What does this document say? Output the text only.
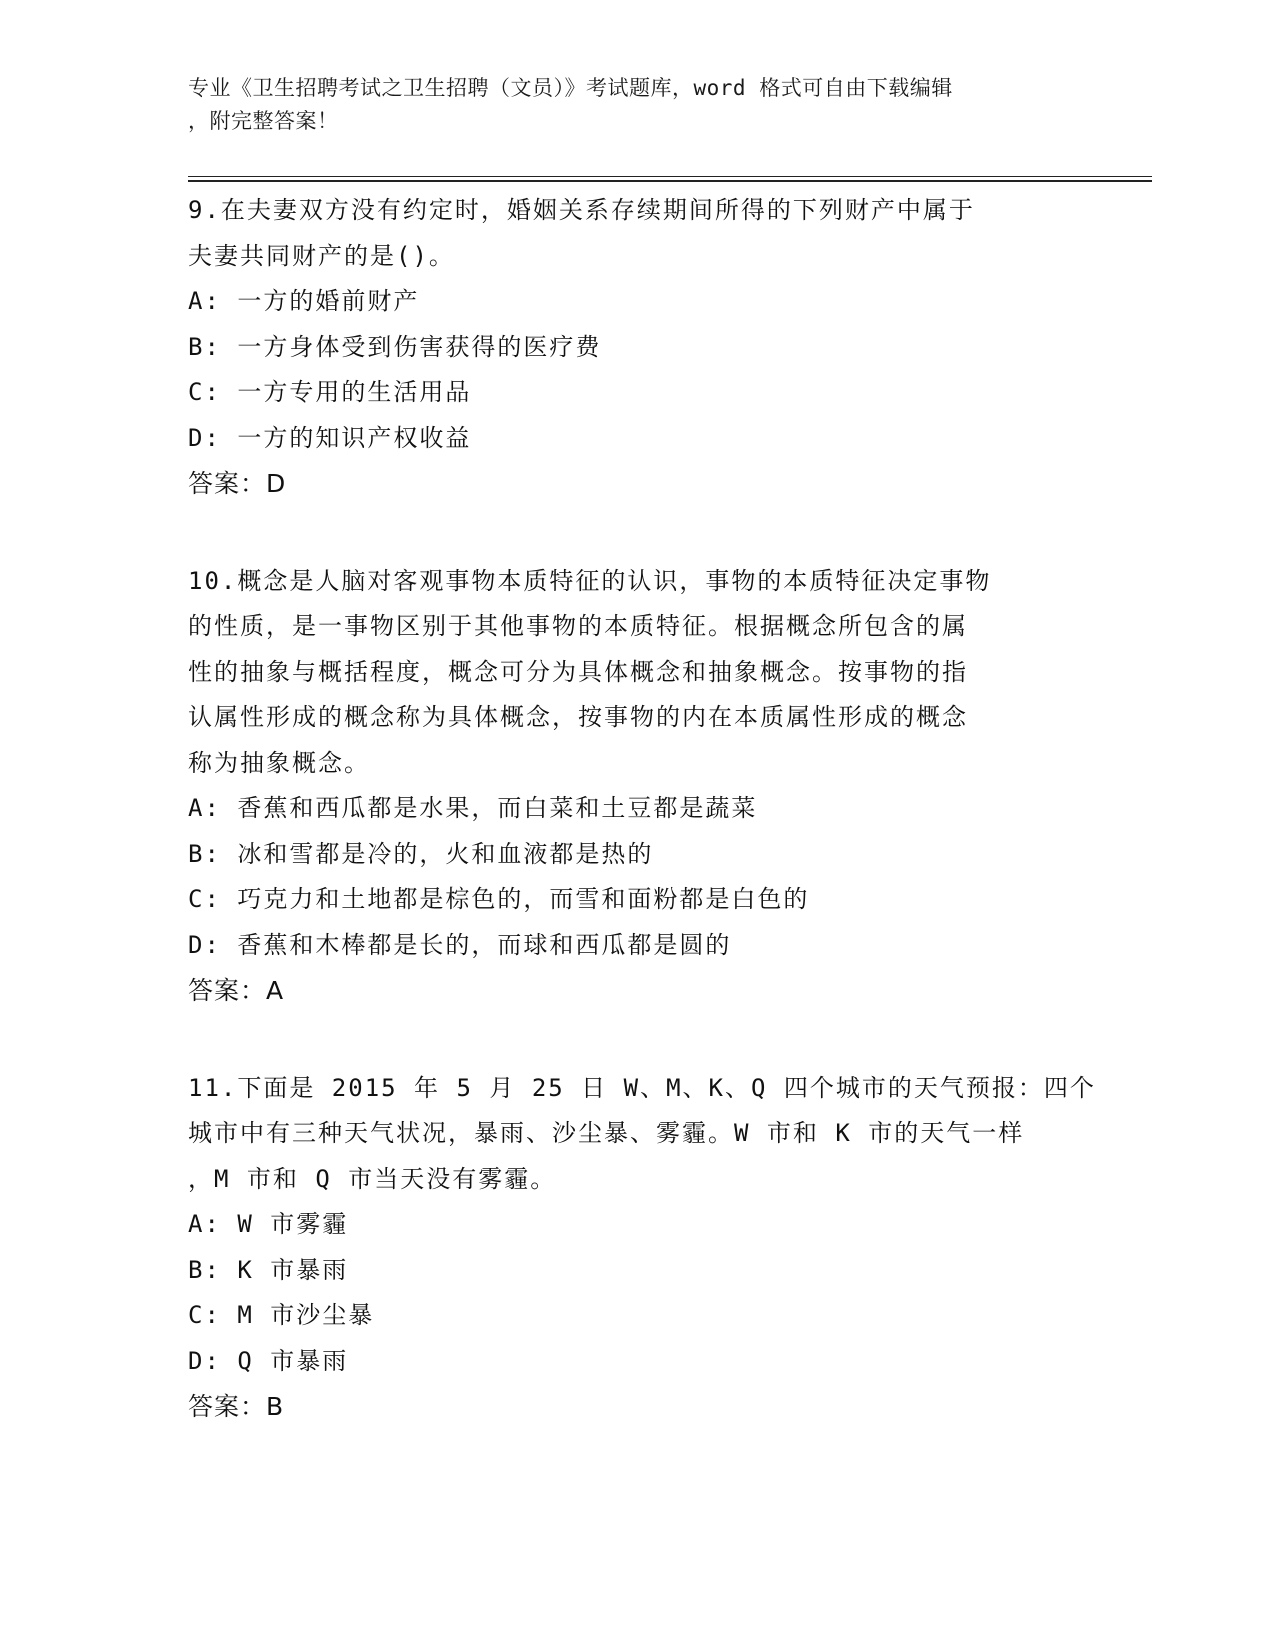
专业《卫生招聘考试之卫生招聘（文员）》考试题库，word 格式可自由下载编辑
，附完整答案！
9.在夫妻双方没有约定时，婚姻关系存续期间所得的下列财产中属于
夫妻共同财产的是()。
A: 一方的婚前财产
B: 一方身体受到伤害获得的医疗费
C: 一方专用的生活用品
D: 一方的知识产权收益
答案：D
10.概念是人脑对客观事物本质特征的认识，事物的本质特征决定事物
的性质，是一事物区别于其他事物的本质特征。根据概念所包含的属
性的抽象与概括程度，概念可分为具体概念和抽象概念。按事物的指
认属性形成的概念称为具体概念，按事物的内在本质属性形成的概念
称为抽象概念。
A: 香蕉和西瓜都是水果，而白菜和土豆都是蔬菜
B: 冰和雪都是冷的，火和血液都是热的
C: 巧克力和土地都是棕色的，而雪和面粉都是白色的
D: 香蕉和木棒都是长的，而球和西瓜都是圆的
答案：A
11.下面是 2015 年 5 月 25 日 W、M、K、Q 四个城市的天气预报：四个
城市中有三种天气状况，暴雨、沙尘暴、雾霾。W 市和 K 市的天气一样
，M 市和 Q 市当天没有雾霾。
A: W 市雾霾
B: K 市暴雨
C: M 市沙尘暴
D: Q 市暴雨
答案：B
